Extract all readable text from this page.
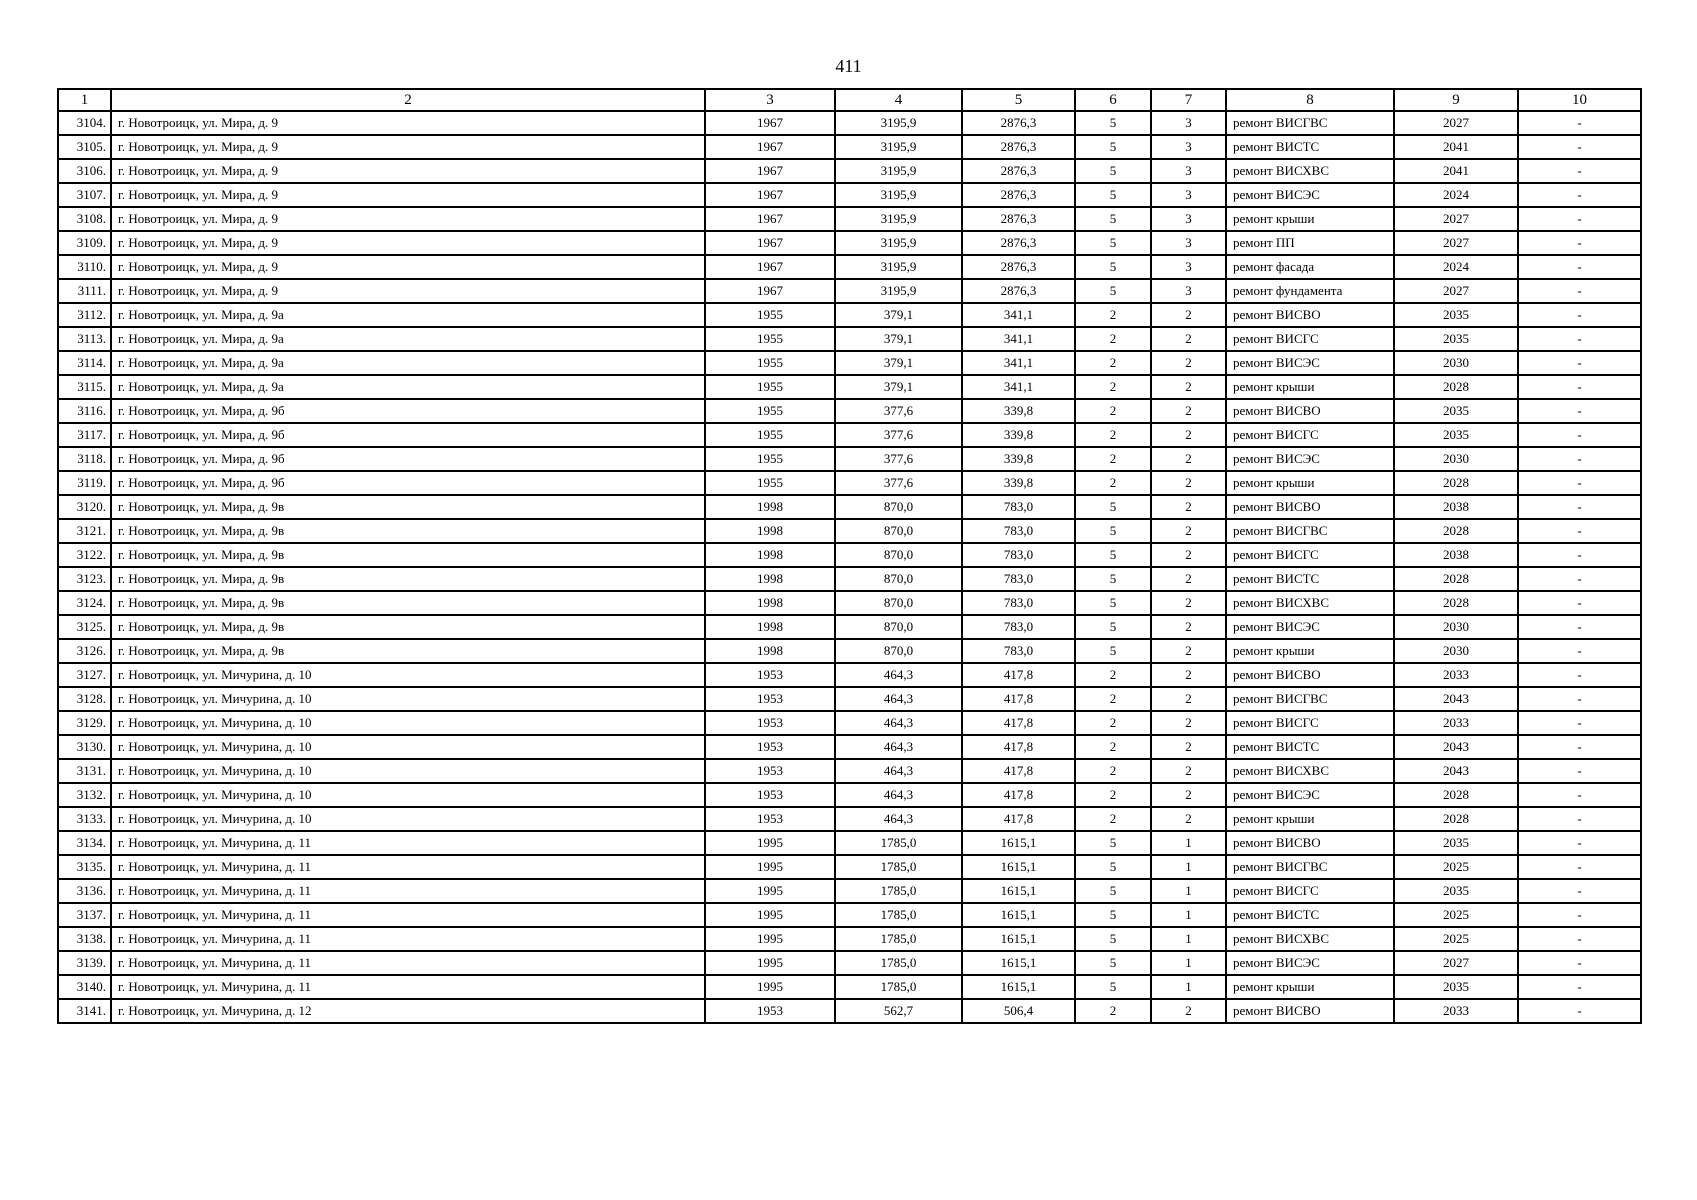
411
1	2	3	4	5	6	7	8	9	10
3104.	г. Новотроицк, ул. Мира, д. 9	1967	3195,9	2876,3	5	3	ремонт ВИСГВС	2027	-
3105.	г. Новотроицк, ул. Мира, д. 9	1967	3195,9	2876,3	5	3	ремонт ВИСТС	2041	-
3106.	г. Новотроицк, ул. Мира, д. 9	1967	3195,9	2876,3	5	3	ремонт ВИСХВС	2041	-
3107.	г. Новотроицк, ул. Мира, д. 9	1967	3195,9	2876,3	5	3	ремонт ВИСЭС	2024	-
3108.	г. Новотроицк, ул. Мира, д. 9	1967	3195,9	2876,3	5	3	ремонт крыши	2027	-
3109.	г. Новотроицк, ул. Мира, д. 9	1967	3195,9	2876,3	5	3	ремонт ПП	2027	-
3110.	г. Новотроицк, ул. Мира, д. 9	1967	3195,9	2876,3	5	3	ремонт фасада	2024	-
3111.	г. Новотроицк, ул. Мира, д. 9	1967	3195,9	2876,3	5	3	ремонт фундамента	2027	-
3112.	г. Новотроицк, ул. Мира, д. 9а	1955	379,1	341,1	2	2	ремонт ВИСВО	2035	-
3113.	г. Новотроицк, ул. Мира, д. 9а	1955	379,1	341,1	2	2	ремонт ВИСГС	2035	-
3114.	г. Новотроицк, ул. Мира, д. 9а	1955	379,1	341,1	2	2	ремонт ВИСЭС	2030	-
3115.	г. Новотроицк, ул. Мира, д. 9а	1955	379,1	341,1	2	2	ремонт крыши	2028	-
3116.	г. Новотроицк, ул. Мира, д. 9б	1955	377,6	339,8	2	2	ремонт ВИСВО	2035	-
3117.	г. Новотроицк, ул. Мира, д. 9б	1955	377,6	339,8	2	2	ремонт ВИСГС	2035	-
3118.	г. Новотроицк, ул. Мира, д. 9б	1955	377,6	339,8	2	2	ремонт ВИСЭС	2030	-
3119.	г. Новотроицк, ул. Мира, д. 9б	1955	377,6	339,8	2	2	ремонт крыши	2028	-
3120.	г. Новотроицк, ул. Мира, д. 9в	1998	870,0	783,0	5	2	ремонт ВИСВО	2038	-
3121.	г. Новотроицк, ул. Мира, д. 9в	1998	870,0	783,0	5	2	ремонт ВИСГВС	2028	-
3122.	г. Новотроицк, ул. Мира, д. 9в	1998	870,0	783,0	5	2	ремонт ВИСГС	2038	-
3123.	г. Новотроицк, ул. Мира, д. 9в	1998	870,0	783,0	5	2	ремонт ВИСТС	2028	-
3124.	г. Новотроицк, ул. Мира, д. 9в	1998	870,0	783,0	5	2	ремонт ВИСХВС	2028	-
3125.	г. Новотроицк, ул. Мира, д. 9в	1998	870,0	783,0	5	2	ремонт ВИСЭС	2030	-
3126.	г. Новотроицк, ул. Мира, д. 9в	1998	870,0	783,0	5	2	ремонт крыши	2030	-
3127.	г. Новотроицк, ул. Мичурина, д. 10	1953	464,3	417,8	2	2	ремонт ВИСВО	2033	-
3128.	г. Новотроицк, ул. Мичурина, д. 10	1953	464,3	417,8	2	2	ремонт ВИСГВС	2043	-
3129.	г. Новотроицк, ул. Мичурина, д. 10	1953	464,3	417,8	2	2	ремонт ВИСГС	2033	-
3130.	г. Новотроицк, ул. Мичурина, д. 10	1953	464,3	417,8	2	2	ремонт ВИСТС	2043	-
3131.	г. Новотроицк, ул. Мичурина, д. 10	1953	464,3	417,8	2	2	ремонт ВИСХВС	2043	-
3132.	г. Новотроицк, ул. Мичурина, д. 10	1953	464,3	417,8	2	2	ремонт ВИСЭС	2028	-
3133.	г. Новотроицк, ул. Мичурина, д. 10	1953	464,3	417,8	2	2	ремонт крыши	2028	-
3134.	г. Новотроицк, ул. Мичурина, д. 11	1995	1785,0	1615,1	5	1	ремонт ВИСВО	2035	-
3135.	г. Новотроицк, ул. Мичурина, д. 11	1995	1785,0	1615,1	5	1	ремонт ВИСГВС	2025	-
3136.	г. Новотроицк, ул. Мичурина, д. 11	1995	1785,0	1615,1	5	1	ремонт ВИСГС	2035	-
3137.	г. Новотроицк, ул. Мичурина, д. 11	1995	1785,0	1615,1	5	1	ремонт ВИСТС	2025	-
3138.	г. Новотроицк, ул. Мичурина, д. 11	1995	1785,0	1615,1	5	1	ремонт ВИСХВС	2025	-
3139.	г. Новотроицк, ул. Мичурина, д. 11	1995	1785,0	1615,1	5	1	ремонт ВИСЭС	2027	-
3140.	г. Новотроицк, ул. Мичурина, д. 11	1995	1785,0	1615,1	5	1	ремонт крыши	2035	-
3141.	г. Новотроицк, ул. Мичурина, д. 12	1953	562,7	506,4	2	2	ремонт ВИСВО	2033	-
